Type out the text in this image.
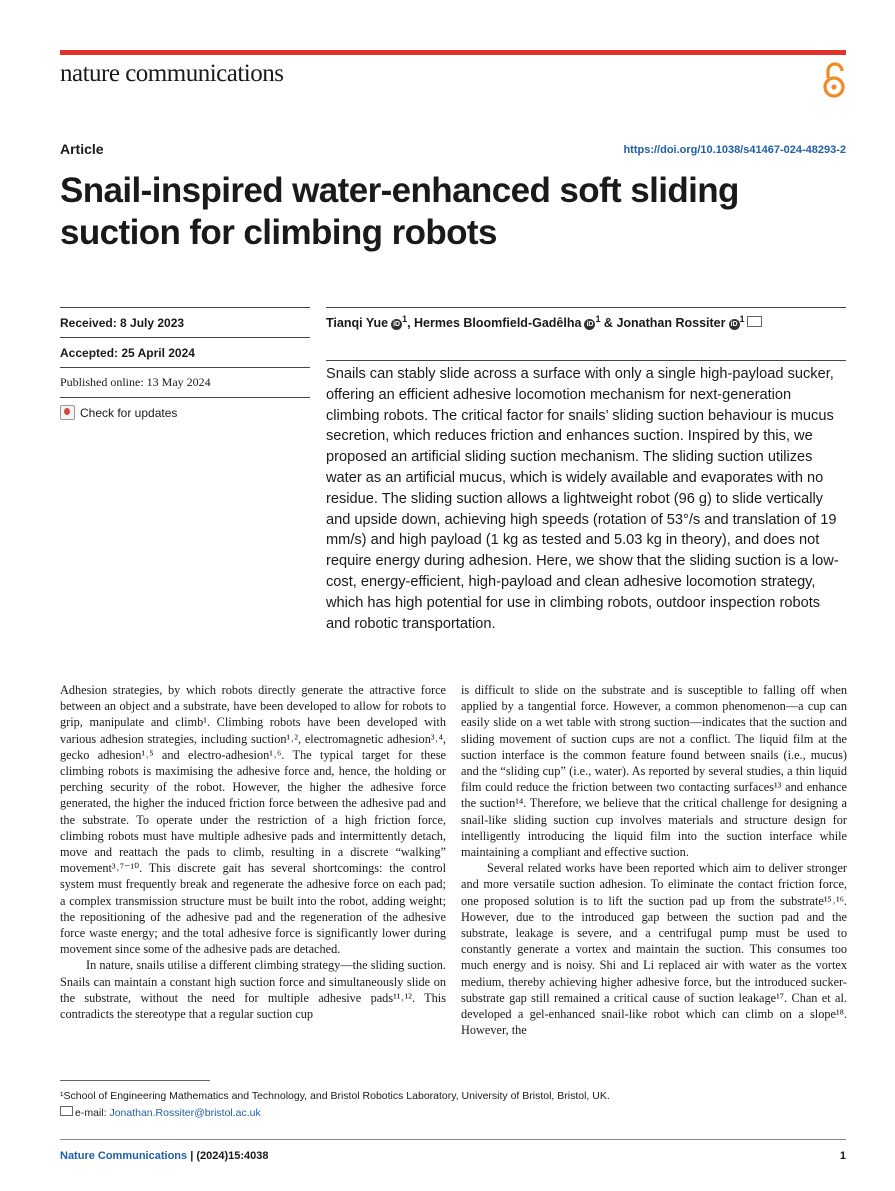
nature communications
Article	https://doi.org/10.1038/s41467-024-48293-2
Snail-inspired water-enhanced soft sliding suction for climbing robots
Received: 8 July 2023
Accepted: 25 April 2024
Published online: 13 May 2024
Check for updates
Tianqi Yue $iD^1$, Hermes Bloomfield-Gadêlha $iD^1$ & Jonathan Rossiter $iD^1$

Snails can stably slide across a surface with only a single high-payload sucker, offering an efficient adhesive locomotion mechanism for next-generation climbing robots. The critical factor for snails’ sliding suction behaviour is mucus secretion, which reduces friction and enhances suction. Inspired by this, we proposed an artificial sliding suction mechanism. The sliding suction utilizes water as an artificial mucus, which is widely available and evaporates with no residue. The sliding suction allows a lightweight robot (96 g) to slide vertically and upside down, achieving high speeds (rotation of 53°/s and translation of 19 mm/s) and high payload (1 kg as tested and 5.03 kg in theory), and does not require energy during adhesion. Here, we show that the sliding suction is a low-cost, energy-efficient, high-payload and clean adhesive locomotion strategy, which has high potential for use in climbing robots, outdoor inspection robots and robotic transportation.

Adhesion strategies, by which robots directly generate the attractive force between an object and a substrate, have been developed to allow for robots to grip, manipulate and climb¹. Climbing robots have been developed with various adhesion strategies, including suction¹˒², electromagnetic adhesion³˒⁴, gecko adhesion¹˒⁵ and electro-adhesion¹˒⁶. The typical target for these climbing robots is maximising the adhesive force and, hence, the holding or perching security of the robot. However, the higher the adhesive force generated, the higher the induced friction force between the adhesive pad and the substrate. To operate under the restriction of a high friction force, climbing robots must have multiple adhesive pads and intermittently detach, move and reattach the pads to climb, resulting in a discrete “walking” movement³˒⁷⁻¹⁰. This discrete gait has several shortcomings: the control system must frequently break and regenerate the adhesive force on each pad; a complex transmission structure must be built into the robot, adding weight; the repositioning of the adhesive pad and the regeneration of the adhesive force waste energy; and the total adhesive force is significantly lower during movement since some of the adhesive pads are detached.

In nature, snails utilise a different climbing strategy—the sliding suction. Snails can maintain a constant high suction force and simultaneously slide on the substrate, without the need for multiple adhesive pads¹¹˒¹². This contradicts the stereotype that a regular suction cup

is difficult to slide on the substrate and is susceptible to falling off when applied by a tangential force. However, a common phenomenon—a cup can easily slide on a wet table with strong suction—indicates that the suction and sliding movement of suction cups are not a conflict. The liquid film at the suction interface is the common feature found between snails (i.e., mucus) and the “sliding cup” (i.e., water). As reported by several studies, a thin liquid film could reduce the friction between two contacting surfaces¹³ and enhance the suction¹⁴. Therefore, we believe that the critical challenge for designing a snail-like sliding suction cup involves materials and structure design for intelligently introducing the liquid film into the suction interface while maintaining a compliant and effective suction.

Several related works have been reported which aim to deliver stronger and more versatile suction adhesion. To eliminate the contact friction force, one proposed solution is to lift the suction pad up from the substrate¹⁵˒¹⁶. However, due to the introduced gap between the suction pad and the substrate, leakage is severe, and a centrifugal pump must be used to constantly generate a vortex and maintain the suction. This consumes too much energy and is noisy. Shi and Li replaced air with water as the vortex medium, thereby achieving higher adhesive force, but the introduced sucker-substrate gap still remained a critical cause of suction leakage¹⁷. Chan et al. developed a gel-enhanced snail-like robot which can climb on a slope¹⁸. However, the

¹School of Engineering Mathematics and Technology, and Bristol Robotics Laboratory, University of Bristol, Bristol, UK.
e-mail: Jonathan.Rossiter@bristol.ac.uk
Nature Communications | (2024)15:4038	1
